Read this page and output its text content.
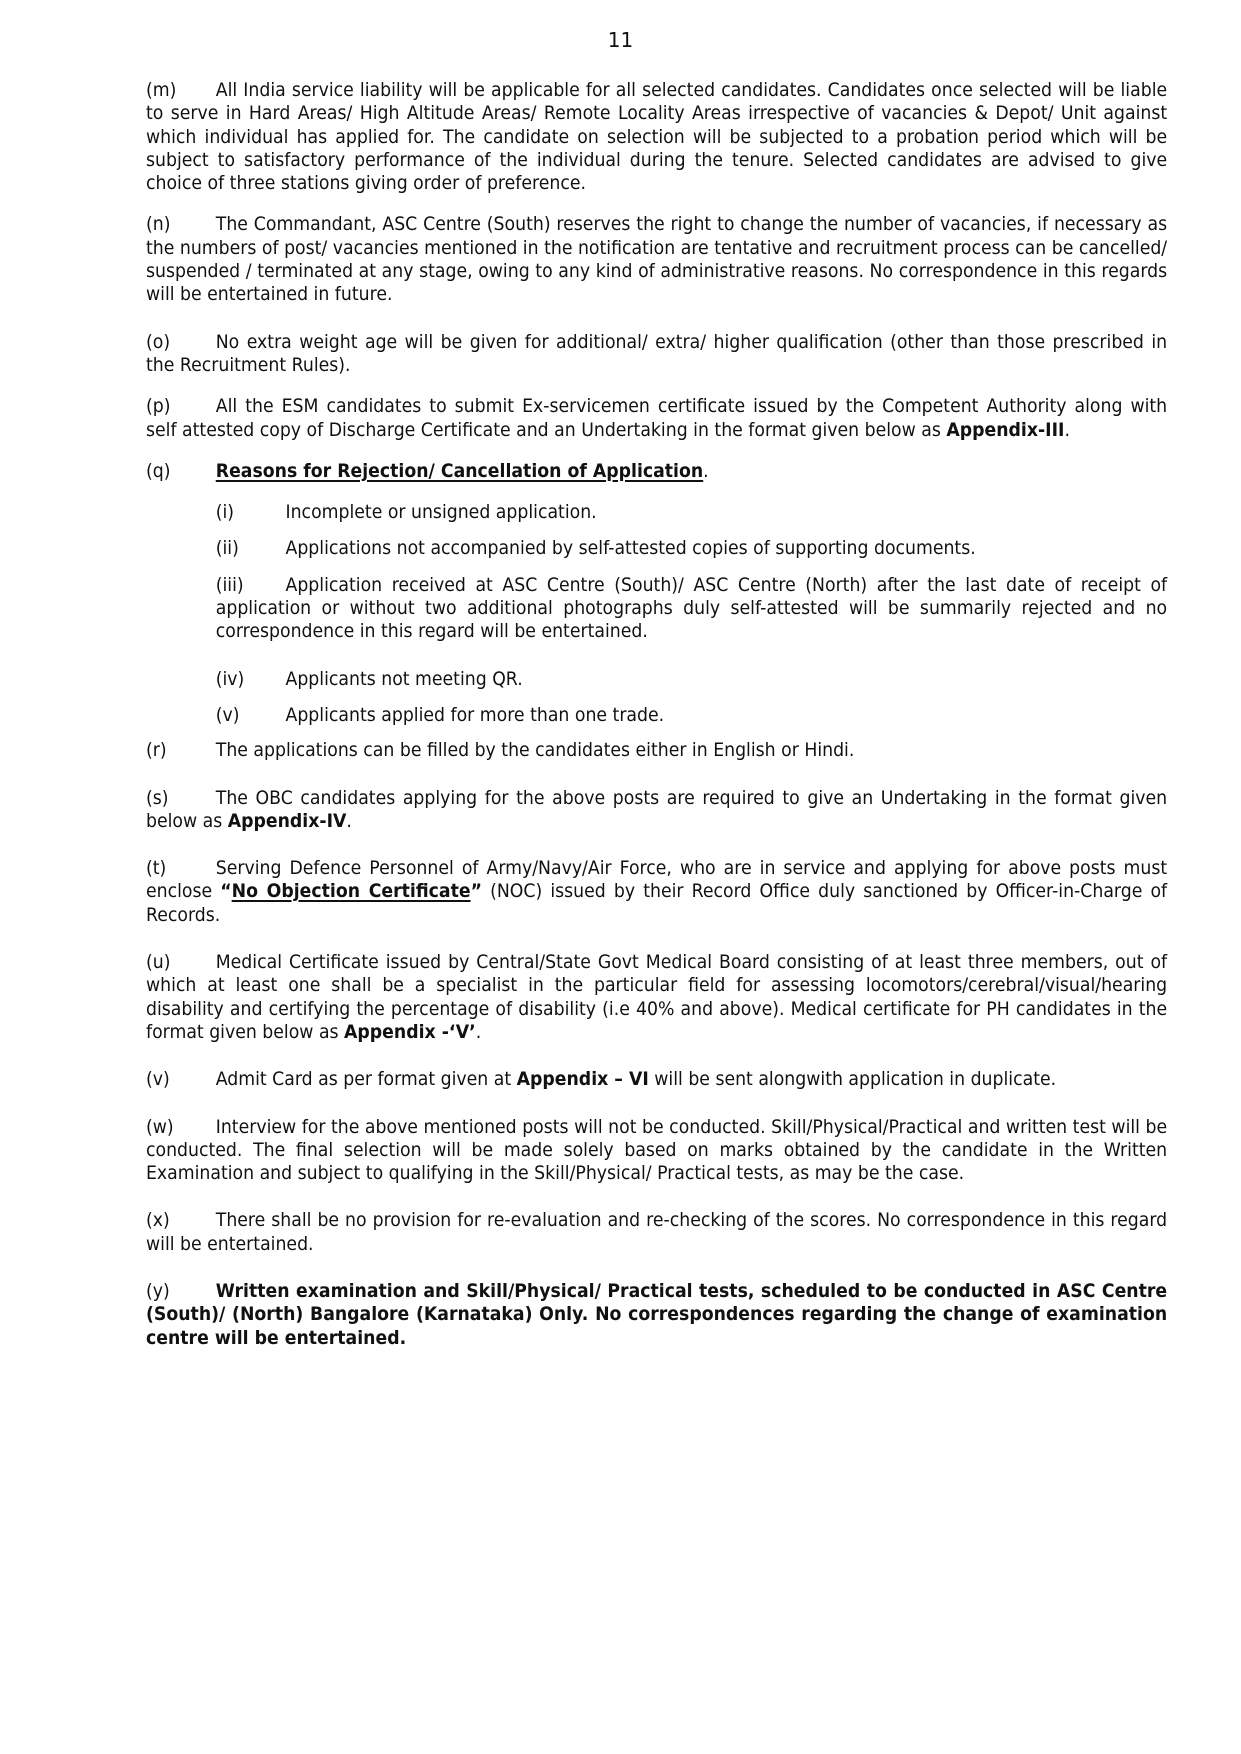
11

(m) All India service liability will be applicable for all selected candidates. Candidates once selected will be liable to serve in Hard Areas/ High Altitude Areas/ Remote Locality Areas irrespective of vacancies & Depot/ Unit against which individual has applied for. The candidate on selection will be subjected to a probation period which will be subject to satisfactory performance of the individual during the tenure. Selected candidates are advised to give choice of three stations giving order of preference.

(n) The Commandant, ASC Centre (South) reserves the right to change the number of vacancies, if necessary as the numbers of post/ vacancies mentioned in the notification are tentative and recruitment process can be cancelled/ suspended / terminated at any stage, owing to any kind of administrative reasons. No correspondence in this regards will be entertained in future.

(o) No extra weight age will be given for additional/ extra/ higher qualification (other than those prescribed in the Recruitment Rules).

(p) All the ESM candidates to submit Ex-servicemen certificate issued by the Competent Authority along with self attested copy of Discharge Certificate and an Undertaking in the format given below as Appendix-III.

(q) Reasons for Rejection/ Cancellation of Application.

(i)	Incomplete or unsigned application.

(ii)	Applications not accompanied by self-attested copies of supporting documents.

(iii) Application received at ASC Centre (South)/ ASC Centre (North) after the last date of receipt of application or without two additional photographs duly self-attested will be summarily rejected and no correspondence in this regard will be entertained.

(iv) Applicants not meeting QR.

(v) Applicants applied for more than one trade.

(r)	The applications can be filled by the candidates either in English or Hindi.

(s)	The OBC candidates applying for the above posts are required to give an Undertaking in the format given below as Appendix-IV.

(t)	Serving Defence Personnel of Army/Navy/Air Force, who are in service and applying for above posts must enclose “No Objection Certificate” (NOC) issued by their Record Office duly sanctioned by Officer-in-Charge of Records.

(u) Medical Certificate issued by Central/State Govt Medical Board consisting of at least three members, out of which at least one shall be a specialist in the particular field for assessing locomotors/cerebral/visual/hearing disability and certifying the percentage of disability (i.e 40% and above). Medical certificate for PH candidates in the format given below as Appendix -‘V’.

(v) Admit Card as per format given at Appendix – VI will be sent alongwith application in duplicate.

(w) Interview for the above mentioned posts will not be conducted. Skill/Physical/Practical and written test will be conducted. The final selection will be made solely based on marks obtained by the candidate in the Written Examination and subject to qualifying in the Skill/Physical/ Practical tests, as may be the case.

(x) There shall be no provision for re-evaluation and re-checking of the scores. No correspondence in this regard will be entertained.

(y) Written examination and Skill/Physical/ Practical tests, scheduled to be conducted in ASC Centre (South)/ (North) Bangalore (Karnataka) Only. No correspondences regarding the change of examination centre will be entertained.
